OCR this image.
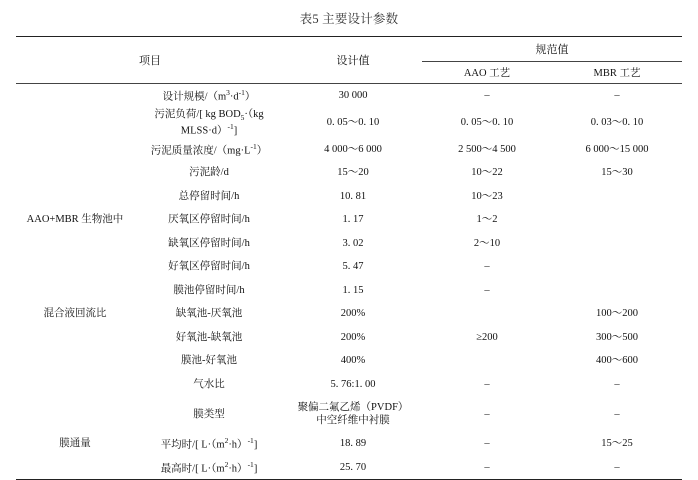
表5 主要设计参数
项目		设计值	规范值	
			AAO 工艺	MBR 工艺
	设计规模$/(m^3\cdot d^{-1})$	30 000	–	–
	污泥负荷/[ kg $BOD_5\cdot(kg$ MLSS·d）$^{-1}$]	0. 05～0. 10	0. 05～0. 10	0. 03～0. 10
	污泥质量浓度$/(mg\cdot L^{-1})$	4 000～6 000	2 500～4 500	6 000～15 000
	污泥龄/d	15～20	10～22	15～30
	总停留时间/h	10. 81	10～23	
AAO+MBR 生物池中	厌氧区停留时间/h	1. 17	1～2	
	缺氧区停留时间/h	3. 02	2～10	
	好氧区停留时间/h	5. 47	–	
	膜池停留时间/h	1. 15	–	
混合液回流比	缺氧池-厌氧池	200%		100～200
	好氧池-缺氧池	200%	≥200	300～500
	膜池-好氧池	400%		400～600
	气水比	5. 76:1. 00	–	–
	膜类型	聚偏二氟乙烯（PVDF）
中空纤维中衬膜	–	–
膜通量	平均时/[ $L\cdot(m^2\cdot h)^{-1}$]	18. 89	–	15～25
	最高时/[ $L\cdot(m^2\cdot h)^{-1}$]	25. 70	–	–
